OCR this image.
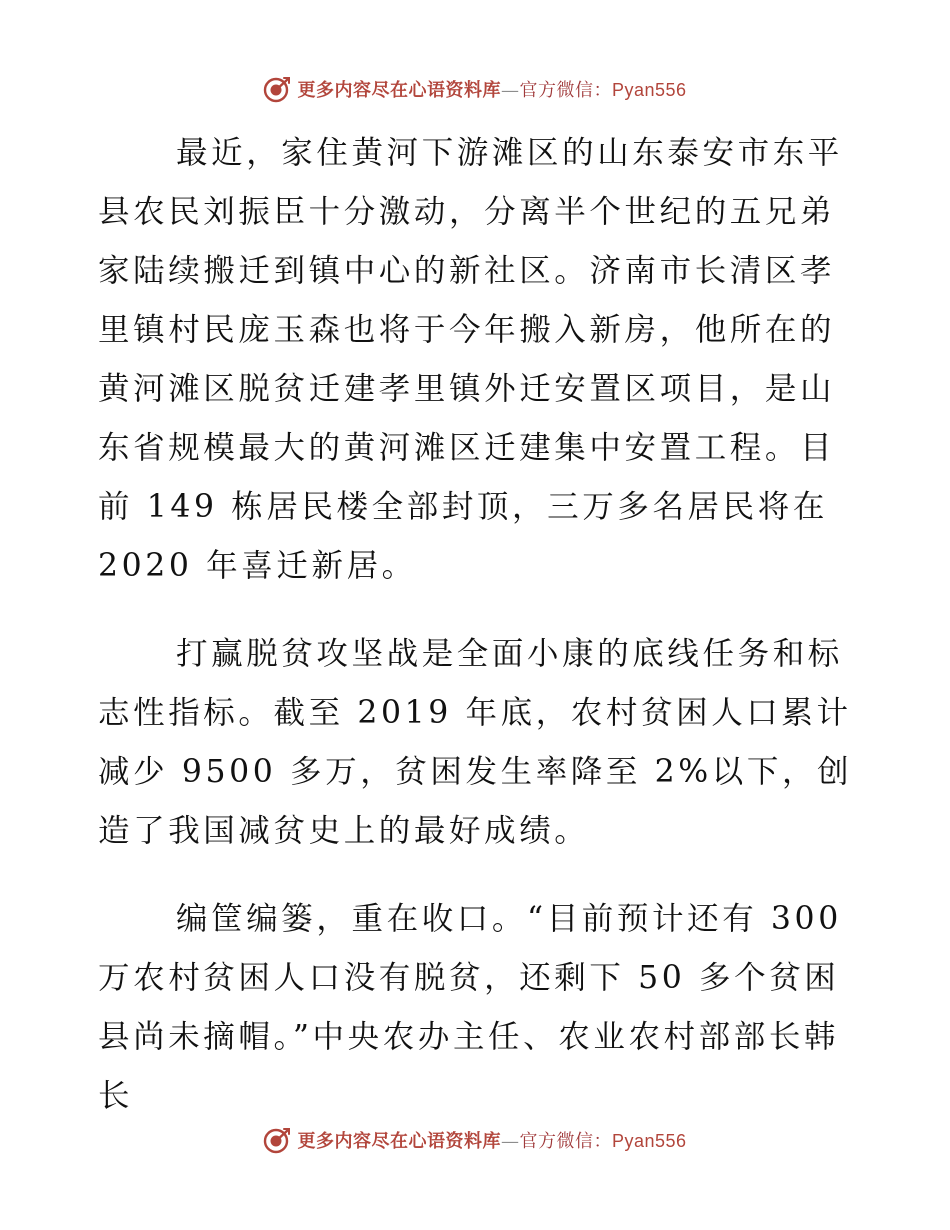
更多内容尽在心语资料库—官方微信：Pyan556

最近，家住黄河下游滩区的山东泰安市东平县农民刘振臣十分激动，分离半个世纪的五兄弟家陆续搬迁到镇中心的新社区。济南市长清区孝里镇村民庞玉森也将于今年搬入新房，他所在的黄河滩区脱贫迁建孝里镇外迁安置区项目，是山东省规模最大的黄河滩区迁建集中安置工程。目前 149 栋居民楼全部封顶，三万多名居民将在 2020 年喜迁新居。

打赢脱贫攻坚战是全面小康的底线任务和标志性指标。截至 2019 年底，农村贫困人口累计减少 9500 多万，贫困发生率降至 2%以下，创造了我国减贫史上的最好成绩。

编筐编篓，重在收口。“目前预计还有 300 万农村贫困人口没有脱贫，还剩下 50 多个贫困县尚未摘帽。”中央农办主任、农业农村部部长韩长

更多内容尽在心语资料库—官方微信：Pyan556
